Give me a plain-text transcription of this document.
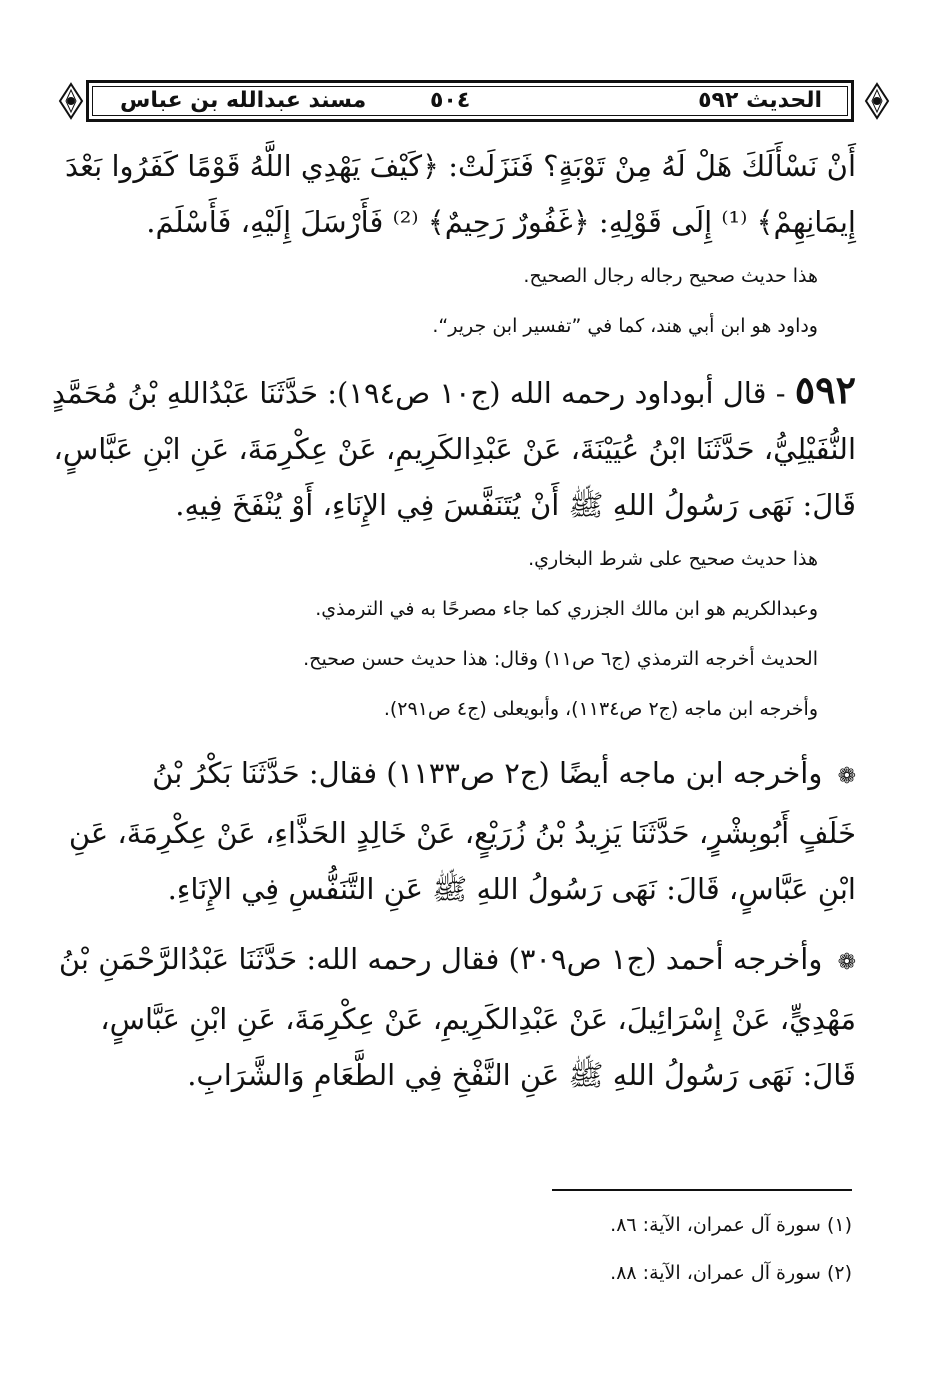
الحديث ٥٩٢
٥٠٤
مسند عبدالله بن عباس
أَنْ نَسْأَلَكَ هَلْ لَهُ مِنْ تَوْبَةٍ؟ فَنَزَلَتْ: ﴿كَيْفَ يَهْدِي اللَّهُ قَوْمًا كَفَرُوا بَعْدَ
إِيمَانِهِمْ﴾ ⁽¹⁾ إِلَى قَوْلِهِ: ﴿غَفُورٌ رَحِيمٌ﴾ ⁽²⁾ فَأَرْسَلَ إِلَيْهِ، فَأَسْلَمَ.
هذا حديث صحيح رجاله رجال الصحيح.
وداود هو ابن أبي هند، كما في ”تفسير ابن جرير“.
٥٩٢ - قال أبوداود رحمه الله (ج١٠ ص١٩٤): حَدَّثَنَا عَبْدُاللهِ بْنُ مُحَمَّدٍ
النُّفَيْلِيُّ، حَدَّثَنَا ابْنُ عُيَيْنَةَ، عَنْ عَبْدِالكَرِيمِ، عَنْ عِكْرِمَةَ، عَنِ ابْنِ عَبَّاسٍ،
قَالَ: نَهَى رَسُولُ اللهِ ﷺ أَنْ يُتَنَفَّسَ فِي الإِنَاءِ، أَوْ يُنْفَخَ فِيهِ.
هذا حديث صحيح على شرط البخاري.
وعبدالكريم هو ابن مالك الجزري كما جاء مصرحًا به في الترمذي.
الحديث أخرجه الترمذي (ج٦ ص١١) وقال: هذا حديث حسن صحيح.
وأخرجه ابن ماجه (ج٢ ص١١٣٤)، وأبويعلى (ج٤ ص٢٩١).
❁ وأخرجه ابن ماجه أيضًا (ج٢ ص١١٣٣) فقال: حَدَّثَنَا بَكْرُ بْنُ
خَلَفٍ أَبُوبِشْرٍ، حَدَّثَنَا يَزِيدُ بْنُ زُرَيْعٍ، عَنْ خَالِدٍ الحَذَّاءِ، عَنْ عِكْرِمَةَ، عَنِ
ابْنِ عَبَّاسٍ، قَالَ: نَهَى رَسُولُ اللهِ ﷺ عَنِ التَّنَفُّسِ فِي الإِنَاءِ.
❁ وأخرجه أحمد (ج١ ص٣٠٩) فقال رحمه الله: حَدَّثَنَا عَبْدُالرَّحْمَنِ بْنُ
مَهْدِيٍّ، عَنْ إِسْرَائِيلَ، عَنْ عَبْدِالكَرِيمِ، عَنْ عِكْرِمَةَ، عَنِ ابْنِ عَبَّاسٍ،
قَالَ: نَهَى رَسُولُ اللهِ ﷺ عَنِ النَّفْخِ فِي الطَّعَامِ وَالشَّرَابِ.
(١) سورة آل عمران، الآية: ٨٦.
(٢) سورة آل عمران، الآية: ٨٨.
